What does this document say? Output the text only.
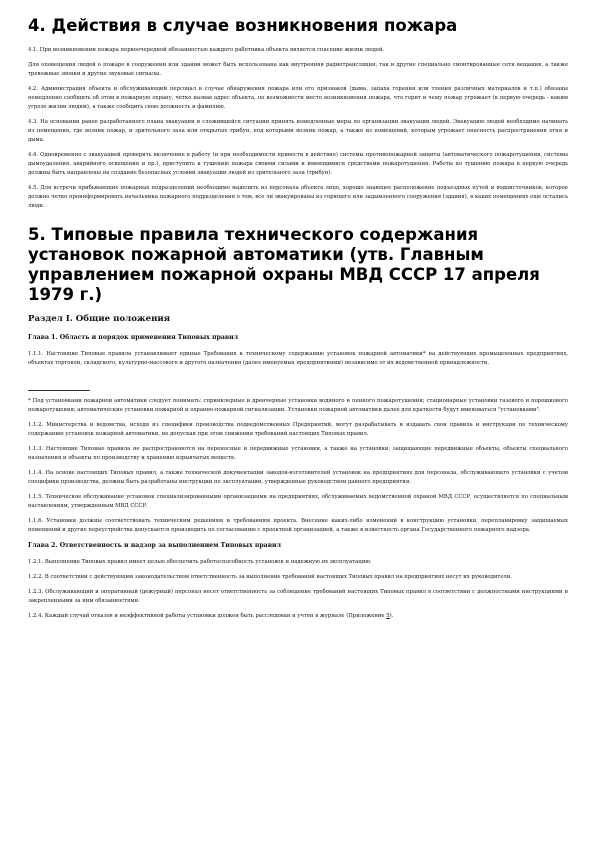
4. Действия в случае возникновения пожара

4.1. При возникновении пожара первоочередной обязанностью каждого работника объекта является спасение жизни людей.

Для оповещения людей о пожаре в сооружении или здании может быть использована как внутренняя радиотрансляция, так и другие специально смонтированные сети вещания, а также тревожные звонки и другие звуковые сигналы.

4.2. Администрация объекта и обслуживающий персонал в случае обнаружения пожара или его признаков (дыма, запаха горения или тления различных материалов и т.п.) обязаны немедленно сообщить об этом в пожарную охрану, четко назвав адрес объекта, по возможности место возникновения пожара, что горит и чему пожар угрожает (в первую очередь - каким угрозе жизни людям), а также сообщить свою должность и фамилию.

4.3. На основании ранее разработанного плана эвакуации и сложившейся ситуации принять немедленные меры по организации эвакуации людей. Эвакуацию людей необходимо начинать из помещения, где возник пожар, и зрительного зала или открытых трибун, под которыми возник пожар, а также из помещений, которым угрожает опасность распространения огня и дыма.

4.4. Одновременно с эвакуацией проверить включение в работу (и при необходимости привести в действие) системы противопожарной защиты (автоматического пожаротушения, системы дымоудаления, аварийного освещения и пр.), приступить к тушению пожара своими силами и имеющимися средствами пожаротушения. Работы по тушению пожара в первую очередь должны быть направлены на создание безопасных условий эвакуации людей из зрительного зала (трибун).

4.5. Для встречи прибывающих пожарных подразделений необходимо выделить из персонала объекта лицо, хорошо знающее расположение подъездных путей и водоисточников, которое должно четко проинформировать начальника пожарного подразделения о том, все ли эвакуированы из горящего или задымленного сооружения (здания), в каких помещениях еще остались люди.

5. Типовые правила технического содержания установок пожарной автоматики (утв. Главным управлением пожарной охраны МВД СССР 17 апреля 1979 г.)
Раздел I. Общие положения
Глава 1. Область и порядок применения Типовых правил

1.1.1. Настоящие Типовые правила устанавливают единые Требования к техническому содержанию установок пожарной автоматики* на действующих промышленных предприятиях, объектах торговли, складского, культурно-массового и другого назначения (далее именуемых предприятиями) независимо от их ведомственной принадлежности.

* Под установками пожарной автоматики следует понимать: спринклерные и дренчерные установки водяного и пенного пожаротушения; стационарные установки газового и порошкового пожаротушения; автоматические установки пожарной и охранно-пожарной сигнализации. Установки пожарной автоматики далее для краткости будут именоваться "установками".

1.1.2. Министерства и ведомства, исходя из специфики производства подведомственных Предприятий, могут разрабатывать и издавать свои правила и инструкции по техническому содержанию установок пожарной автоматики, не допуская при этом снижения требований настоящих Типовых правил.

1.1.3. Настоящие Типовые правила не распространяются на переносные и передвижные установки, а также на установки, защищающие передвижные объекты, объекты специального назначения и объекты по производству и хранению взрывчатых веществ.

1.1.4. На основе настоящих Типовых правил, а также технической документации заводов-изготовителей установок на предприятиях для персонала, обслуживающего установки с учетом специфики производства, должны быть разработаны инструкции по эксплуатации, утвержденные руководством данного предприятия.

1.1.5. Техническое обслуживание установок специализированными организациями на предприятиях, обслуживаемых ведомственной охраной МВД СССР, осуществляется по специальным наставлениям, утвержденным МВД СССР.

1.1.6. Установки должны соответствовать техническим решениям и требованиям проекта. Внесение каких-либо изменений в конструкцию установки, перепланировку защищаемых помещений и другие переустройства допускается производить по согласованию с проектной организацией, а также в известность органа Государственного пожарного надзора.

Глава 2. Ответственность и надзор за выполнением Типовых правил

1.2.1. Выполнение Типовых правил имеет целью обеспечить работоспособность установок и надежную их эксплуатацию.

1.2.2. В соответствии с действующим законодательством ответственность за выполнение требований настоящих Типовых правил на предприятиях несут их руководители.

1.2.3. Обслуживающий и оперативный (дежурный) персонал несет ответственность за соблюдение требований настоящих Типовых правил в соответствии с должностными инструкциями и закрепленными за ним обязанностями.

1.2.4. Каждый случай отказов и неэффективной работы установки должен быть расследован и учтен в журнале (Приложение 5).
